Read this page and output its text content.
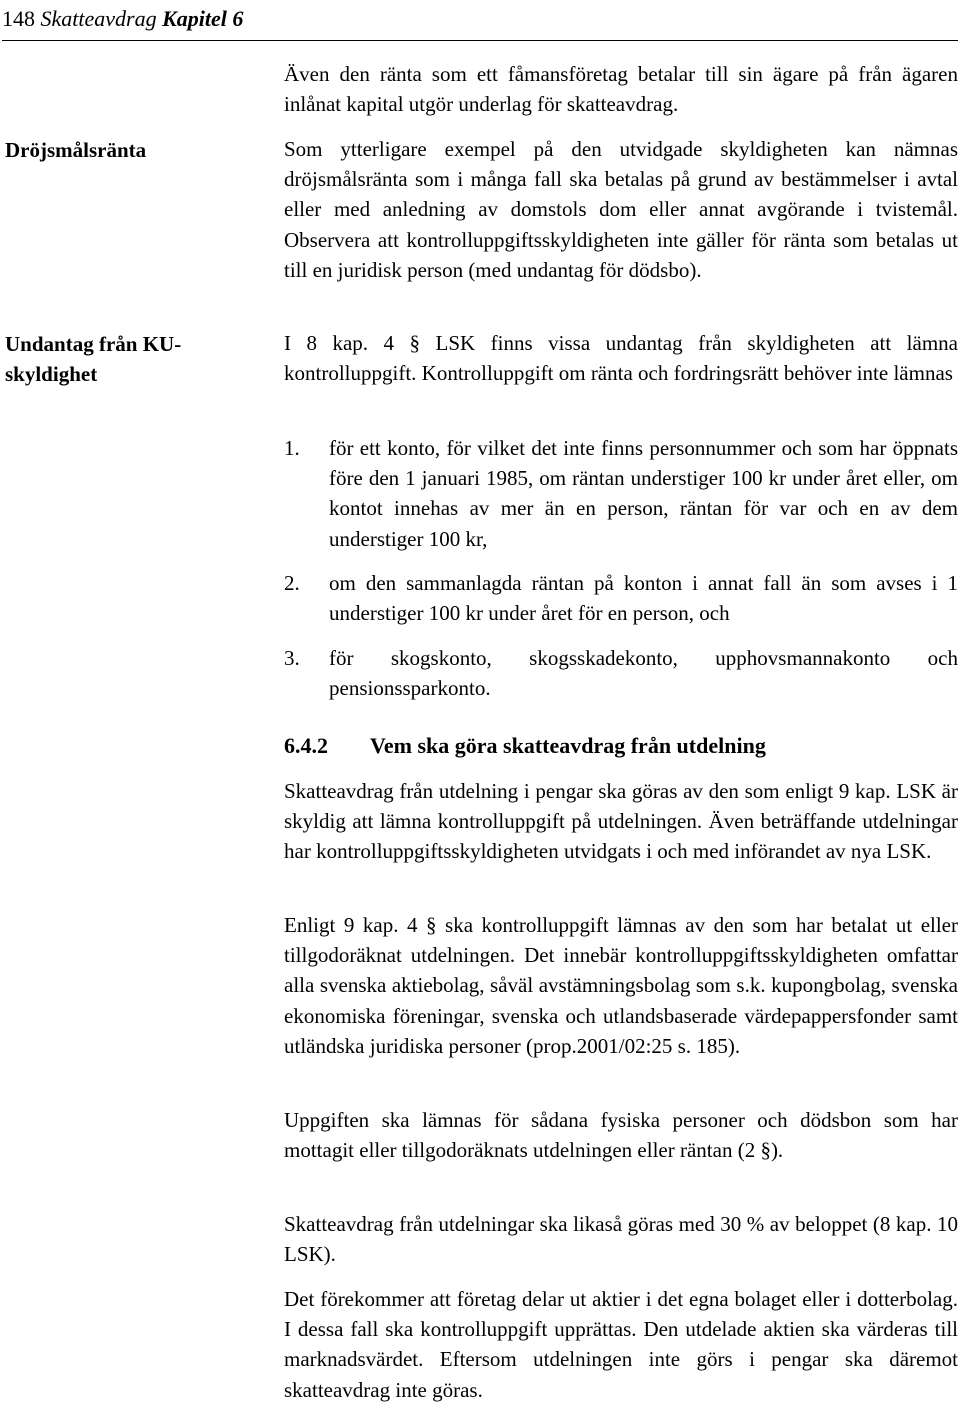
148 Skatteavdrag Kapitel 6
Dröjsmålsränta
Undantag från KU-skyldighet

Även den ränta som ett fåmansföretag betalar till sin ägare på från ägaren inlånat kapital utgör underlag för skatteavdrag.

Som ytterligare exempel på den utvidgade skyldigheten kan nämnas dröjsmålsränta som i många fall ska betalas på grund av bestämmelser i avtal eller med anledning av domstols dom eller annat avgörande i tvistemål. Observera att kontrolluppgiftsskyldigheten inte gäller för ränta som betalas ut till en juridisk person (med undantag för dödsbo).

I 8 kap. 4 § LSK finns vissa undantag från skyldigheten att lämna kontrolluppgift. Kontrolluppgift om ränta och fordringsrätt behöver inte lämnas

1. för ett konto, för vilket det inte finns personnummer och som har öppnats före den 1 januari 1985, om räntan understiger 100 kr under året eller, om kontot innehas av mer än en person, räntan för var och en av dem understiger 100 kr,
2. om den sammanlagda räntan på konton i annat fall än som avses i 1 understiger 100 kr under året för en person, och
3. för skogskonto, skogsskadekonto, upphovsmannakonto och pensionssparkonto.
6.4.2 Vem ska göra skatteavdrag från utdelning

Skatteavdrag från utdelning i pengar ska göras av den som enligt 9 kap. LSK är skyldig att lämna kontrolluppgift på utdelningen. Även beträffande utdelningar har kontrolluppgiftsskyldigheten utvidgats i och med införandet av nya LSK.

Enligt 9 kap. 4 § ska kontrolluppgift lämnas av den som har betalat ut eller tillgodoräknat utdelningen. Det innebär kontrolluppgiftsskyldigheten omfattar alla svenska aktiebolag, såväl avstämningsbolag som s.k. kupongbolag, svenska ekonomiska föreningar, svenska och utlandsbaserade värdepappersfonder samt utländska juridiska personer (prop.2001/02:25 s. 185).

Uppgiften ska lämnas för sådana fysiska personer och dödsbon som har mottagit eller tillgodoräknats utdelningen eller räntan (2 §).

Skatteavdrag från utdelningar ska likaså göras med 30 % av beloppet (8 kap. 10 LSK).

Det förekommer att företag delar ut aktier i det egna bolaget eller i dotterbolag. I dessa fall ska kontrolluppgift upprättas. Den utdelade aktien ska värderas till marknadsvärdet. Eftersom utdelningen inte görs i pengar ska däremot skatteavdrag inte göras.
